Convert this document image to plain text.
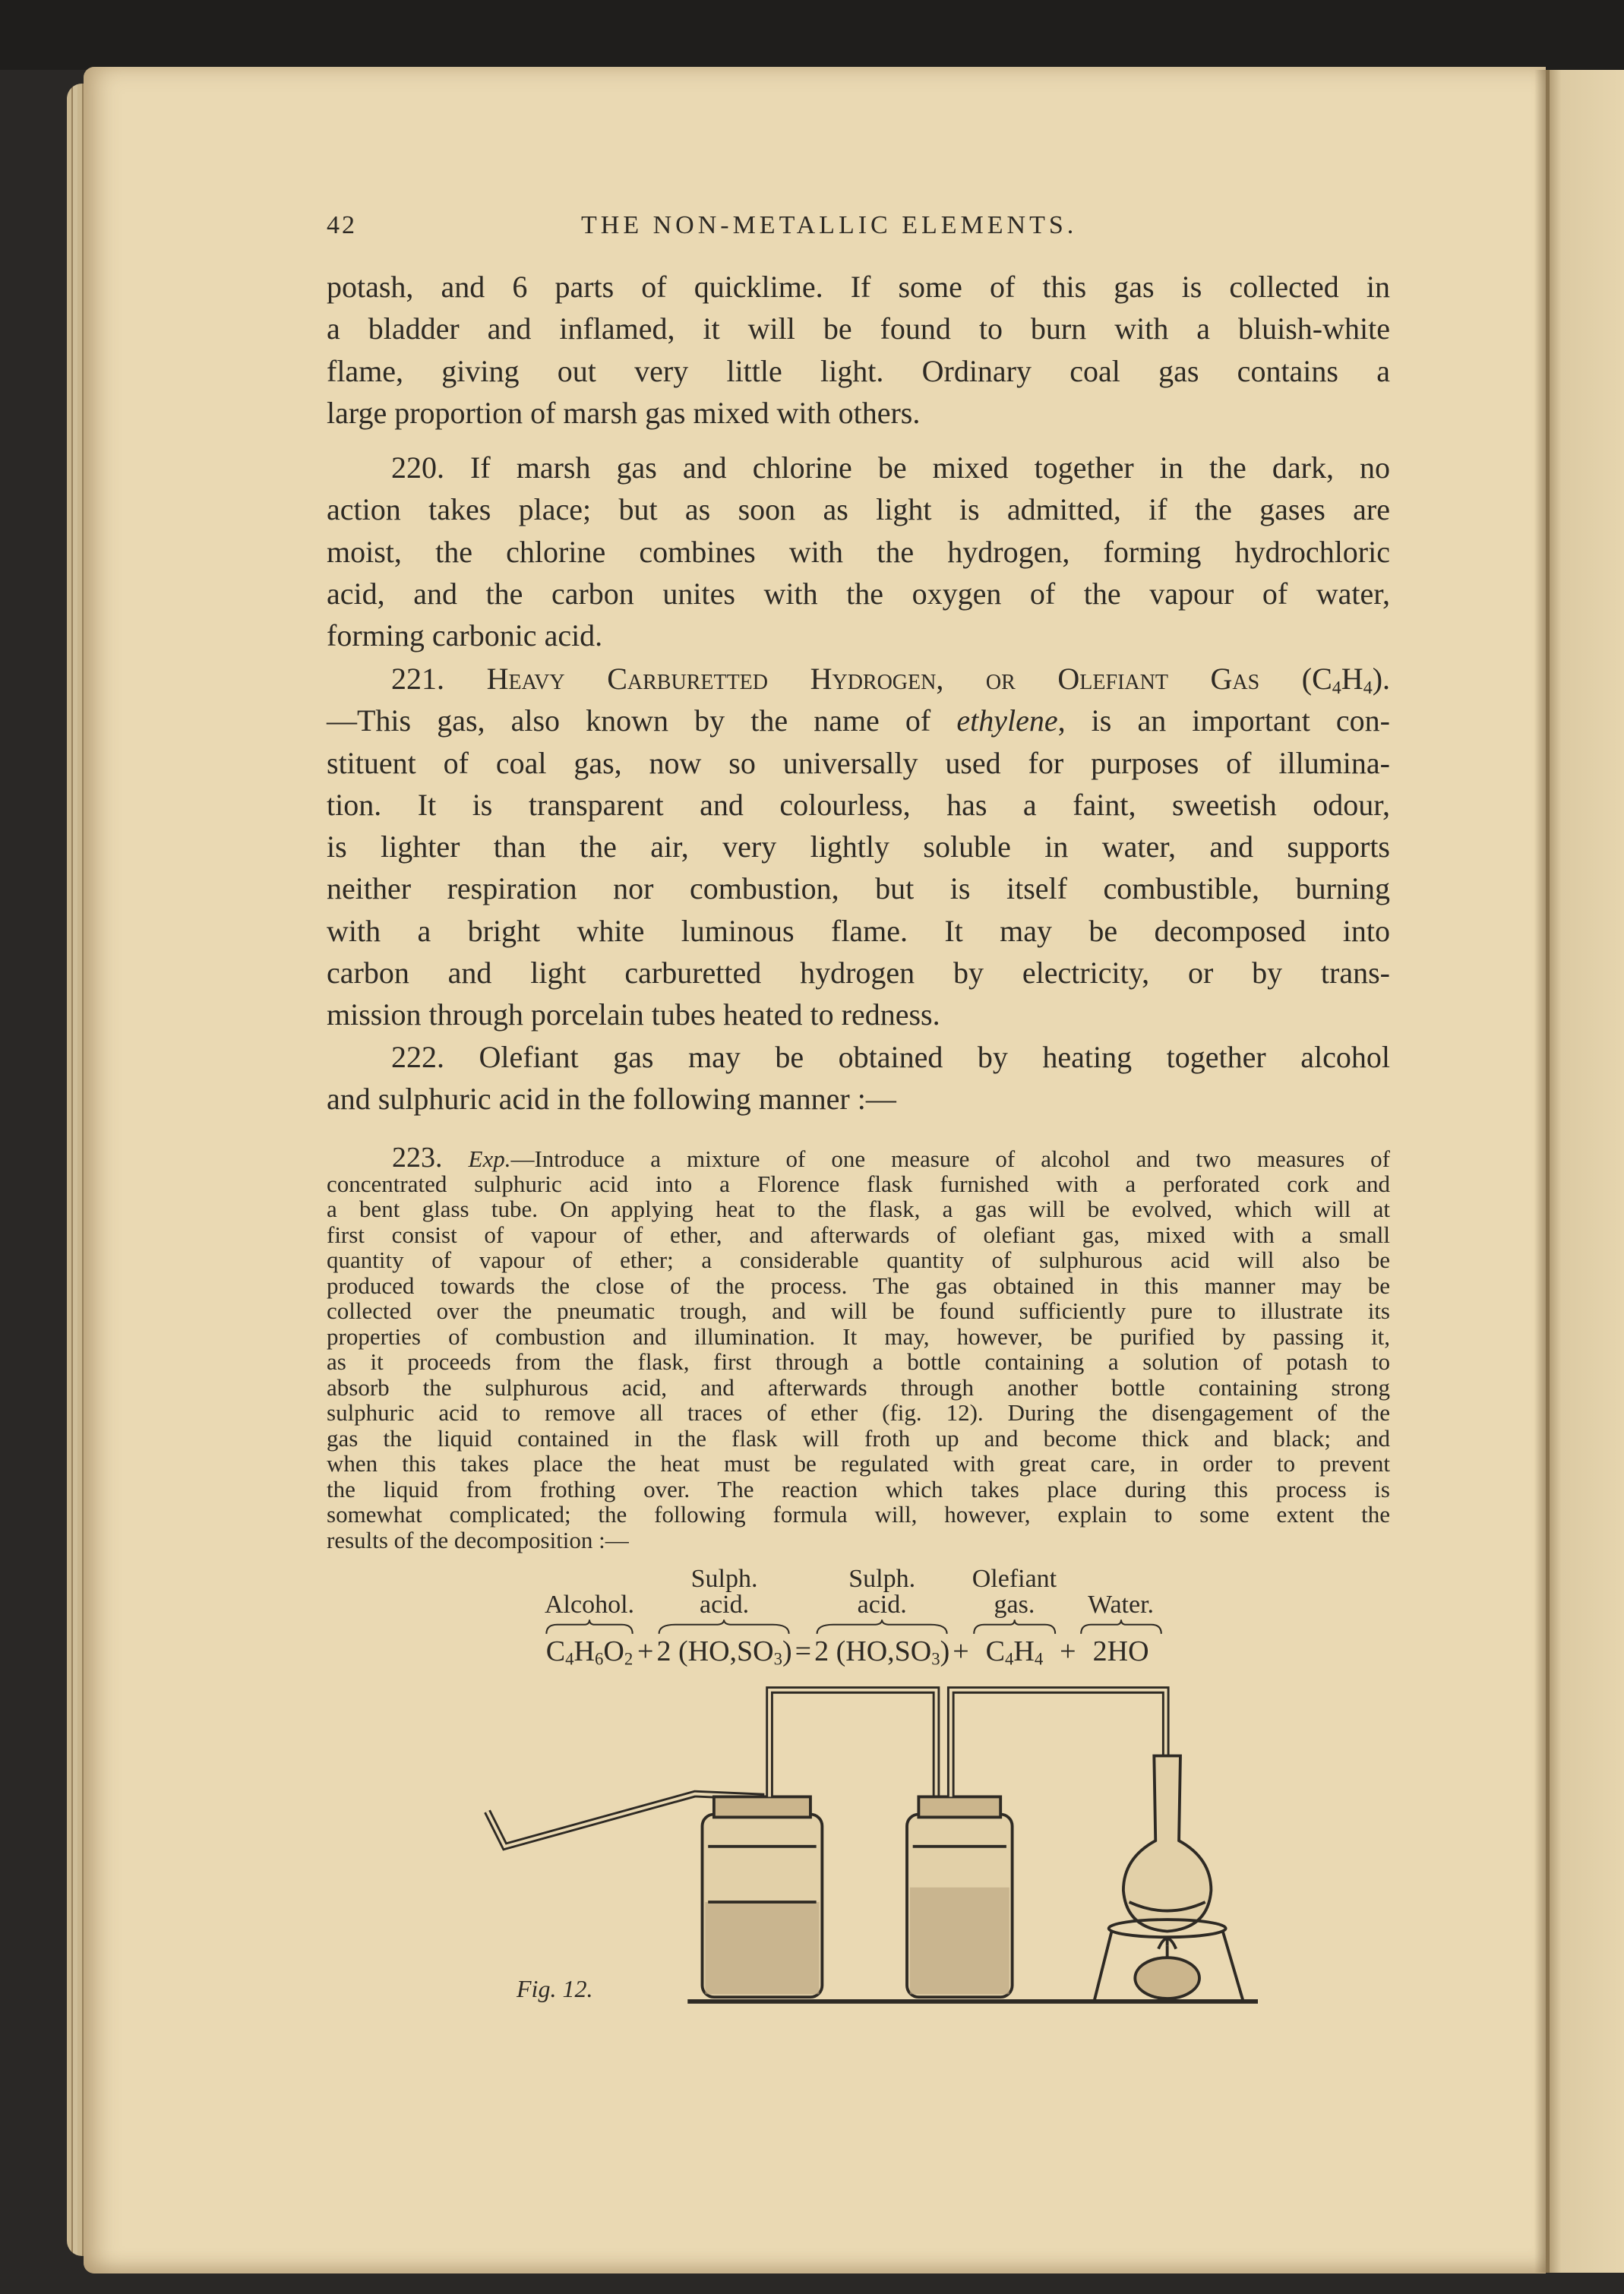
42	THE NON-METALLIC ELEMENTS.
potash, and 6 parts of quicklime. If some of this gas is collected in
a bladder and inflamed, it will be found to burn with a bluish-white
flame, giving out very little light. Ordinary coal gas contains a
large proportion of marsh gas mixed with others.
220. If marsh gas and chlorine be mixed together in the dark, no
action takes place; but as soon as light is admitted, if the gases are
moist, the chlorine combines with the hydrogen, forming hydrochloric
acid, and the carbon unites with the oxygen of the vapour of water,
forming carbonic acid.
221. Heavy Carburetted Hydrogen, or Olefiant Gas $(C_4H_4)$.
—This gas, also known by the name of ethylene, is an important con-
stituent of coal gas, now so universally used for purposes of illumina-
tion. It is transparent and colourless, has a faint, sweetish odour,
is lighter than the air, very lightly soluble in water, and supports
neither respiration nor combustion, but is itself combustible, burning
with a bright white luminous flame. It may be decomposed into
carbon and light carburetted hydrogen by electricity, or by trans-
mission through porcelain tubes heated to redness.
222. Olefiant gas may be obtained by heating together alcohol
and sulphuric acid in the following manner :—
223. Exp.—Introduce a mixture of one measure of alcohol and two measures of
concentrated sulphuric acid into a Florence flask furnished with a perforated cork and
a bent glass tube. On applying heat to the flask, a gas will be evolved, which will at
first consist of vapour of ether, and afterwards of olefiant gas, mixed with a small
quantity of vapour of ether; a considerable quantity of sulphurous acid will also be
produced towards the close of the process. The gas obtained in this manner may be
collected over the pneumatic trough, and will be found sufficiently pure to illustrate its
properties of combustion and illumination. It may, however, be purified by passing it,
as it proceeds from the flask, first through a bottle containing a solution of potash to
absorb the sulphurous acid, and afterwards through another bottle containing strong
sulphuric acid to remove all traces of ether (fig. 12). During the disengagement of the
gas the liquid contained in the flask will froth up and become thick and black; and
when this takes place the heat must be regulated with great care, in order to prevent
the liquid from frothing over. The reaction which takes place during this process is
somewhat complicated; the following formula will, however, explain to some extent the
results of the decomposition :—

Alcohol.
$C_4H_6O_2$ +
Sulph.
acid.
2 $(HO,SO_3)$ =
Sulph.
acid.
2 $(HO,SO_3)$ +
Olefiant
gas.
$C_4H_4$ +

Water.
2HO
Fig. 12.
